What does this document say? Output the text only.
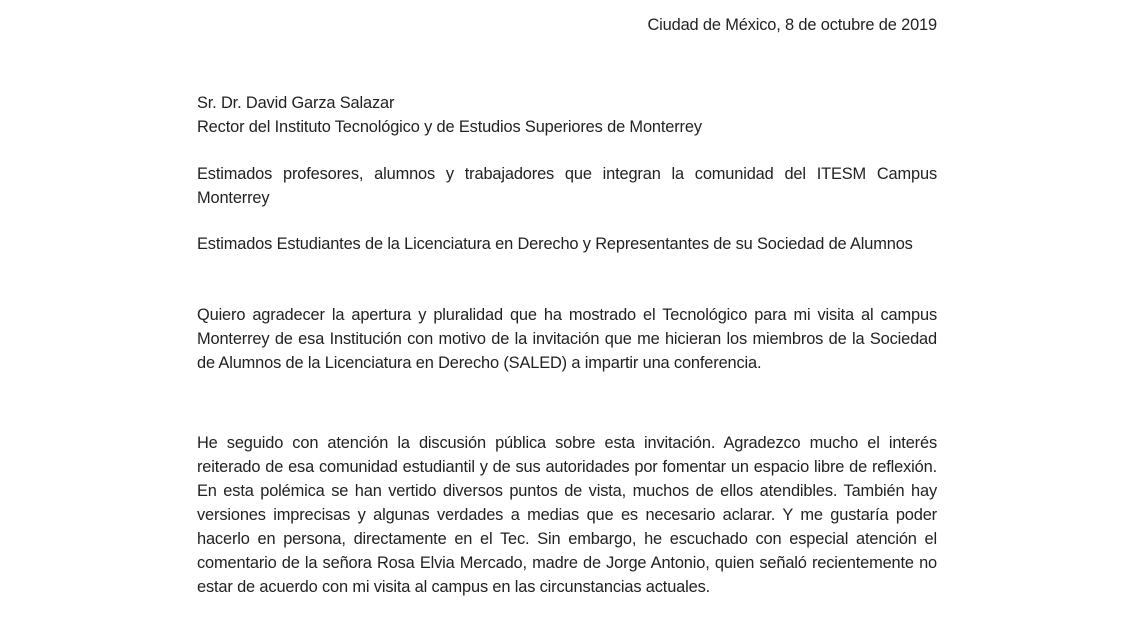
Ciudad de México, 8 de octubre de 2019
Sr. Dr. David Garza Salazar
Rector del Instituto Tecnológico y de Estudios Superiores de Monterrey

Estimados profesores, alumnos y trabajadores que integran la comunidad del ITESM Campus Monterrey

Estimados Estudiantes de la Licenciatura en Derecho y Representantes de su Sociedad de Alumnos

Quiero agradecer la apertura y pluralidad que ha mostrado el Tecnológico para mi visita al campus Monterrey de esa Institución con motivo de la invitación que me hicieran los miembros de la Sociedad de Alumnos de la Licenciatura en Derecho (SALED) a impartir una conferencia.

He seguido con atención la discusión pública sobre esta invitación. Agradezco mucho el interés reiterado de esa comunidad estudiantil y de sus autoridades por fomentar un espacio libre de reflexión. En esta polémica se han vertido diversos puntos de vista, muchos de ellos atendibles. También hay versiones imprecisas y algunas verdades a medias que es necesario aclarar. Y me gustaría poder hacerlo en persona, directamente en el Tec. Sin embargo, he escuchado con especial atención el comentario de la señora Rosa Elvia Mercado, madre de Jorge Antonio, quien señaló recientemente no estar de acuerdo con mi visita al campus en las circunstancias actuales.
